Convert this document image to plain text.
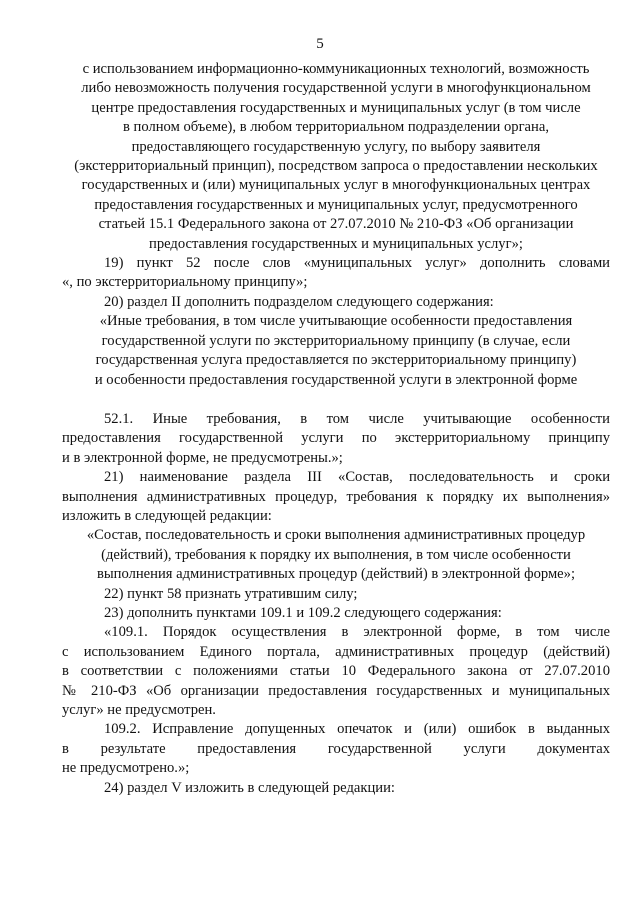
5
с использованием информационно-коммуникационных технологий, возможность
либо невозможность получения государственной услуги в многофункциональном
центре предоставления государственных и муниципальных услуг (в том числе
в полном объеме), в любом территориальном подразделении органа,
предоставляющего государственную услугу, по выбору заявителя
(экстерриториальный принцип), посредством запроса о предоставлении нескольких
государственных и (или) муниципальных услуг в многофункциональных центрах
предоставления государственных и муниципальных услуг, предусмотренного
статьей 15.1 Федерального закона от 27.07.2010 № 210-ФЗ «Об организации
предоставления государственных и муниципальных услуг»;
19) пункт 52 после слов «муниципальных услуг» дополнить словами
«, по экстерриториальному принципу»;
20) раздел II дополнить подразделом следующего содержания:
«Иные требования, в том числе учитывающие особенности предоставления
государственной услуги по экстерриториальному принципу (в случае, если
государственная услуга предоставляется по экстерриториальному принципу)
и особенности предоставления государственной услуги в электронной форме
52.1. Иные требования, в том числе учитывающие особенности
предоставления государственной услуги по экстерриториальному принципу
и в электронной форме, не предусмотрены.»;
21) наименование раздела III «Состав, последовательность и сроки
выполнения административных процедур, требования к порядку их выполнения»
изложить в следующей редакции:
«Состав, последовательность и сроки выполнения административных процедур
(действий), требования к порядку их выполнения, в том числе особенности
выполнения административных процедур (действий) в электронной форме»;
22) пункт 58 признать утратившим силу;
23) дополнить пунктами 109.1 и 109.2 следующего содержания:
«109.1. Порядок осуществления в электронной форме, в том числе
с использованием Единого портала, административных процедур (действий)
в соответствии с положениями статьи 10 Федерального закона от 27.07.2010
№ 210-ФЗ «Об организации предоставления государственных и муниципальных
услуг» не предусмотрен.
109.2. Исправление допущенных опечаток и (или) ошибок в выданных
в результате предоставления государственной услуги документах
не предусмотрено.»;
24) раздел V изложить в следующей редакции:
